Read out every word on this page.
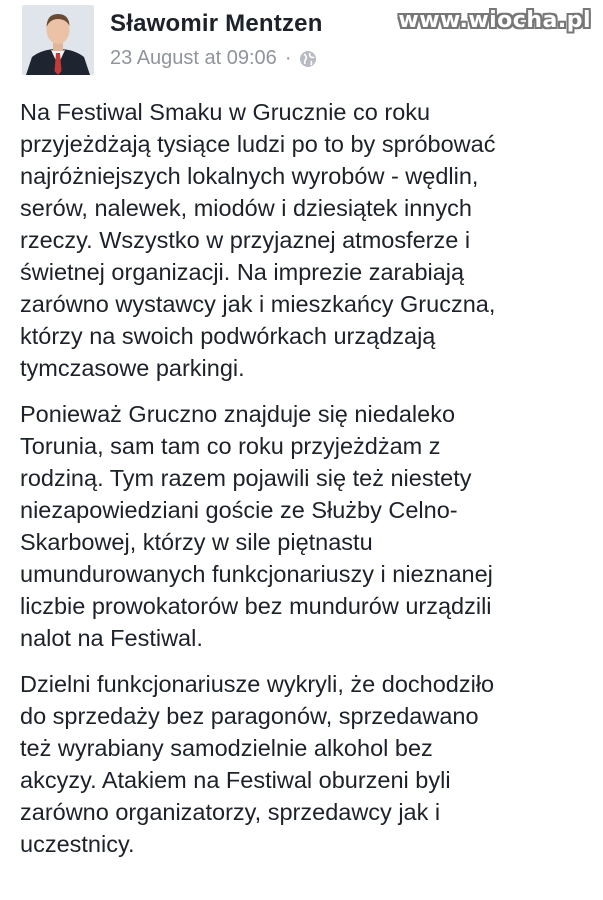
Sławomir Mentzen
23 August at 09:06 ·
www.wiocha.pl

Na Festiwal Smaku w Grucznie co roku
przyjeżdżają tysiące ludzi po to by spróbować
najróżniejszych lokalnych wyrobów - wędlin,
serów, nalewek, miodów i dziesiątek innych
rzeczy. Wszystko w przyjaznej atmosferze i
świetnej organizacji. Na imprezie zarabiają
zarówno wystawcy jak i mieszkańcy Gruczna,
którzy na swoich podwórkach urządzają
tymczasowe parkingi.

Ponieważ Gruczno znajduje się niedaleko
Torunia, sam tam co roku przyjeżdżam z
rodziną. Tym razem pojawili się też niestety
niezapowiedziani goście ze Służby Celno-
Skarbowej, którzy w sile piętnastu
umundurowanych funkcjonariuszy i nieznanej
liczbie prowokatorów bez mundurów urządzili
nalot na Festiwal.

Dzielni funkcjonariusze wykryli, że dochodziło
do sprzedaży bez paragonów, sprzedawano
też wyrabiany samodzielnie alkohol bez
akcyzy. Atakiem na Festiwal oburzeni byli
zarówno organizatorzy, sprzedawcy jak i
uczestnicy.
